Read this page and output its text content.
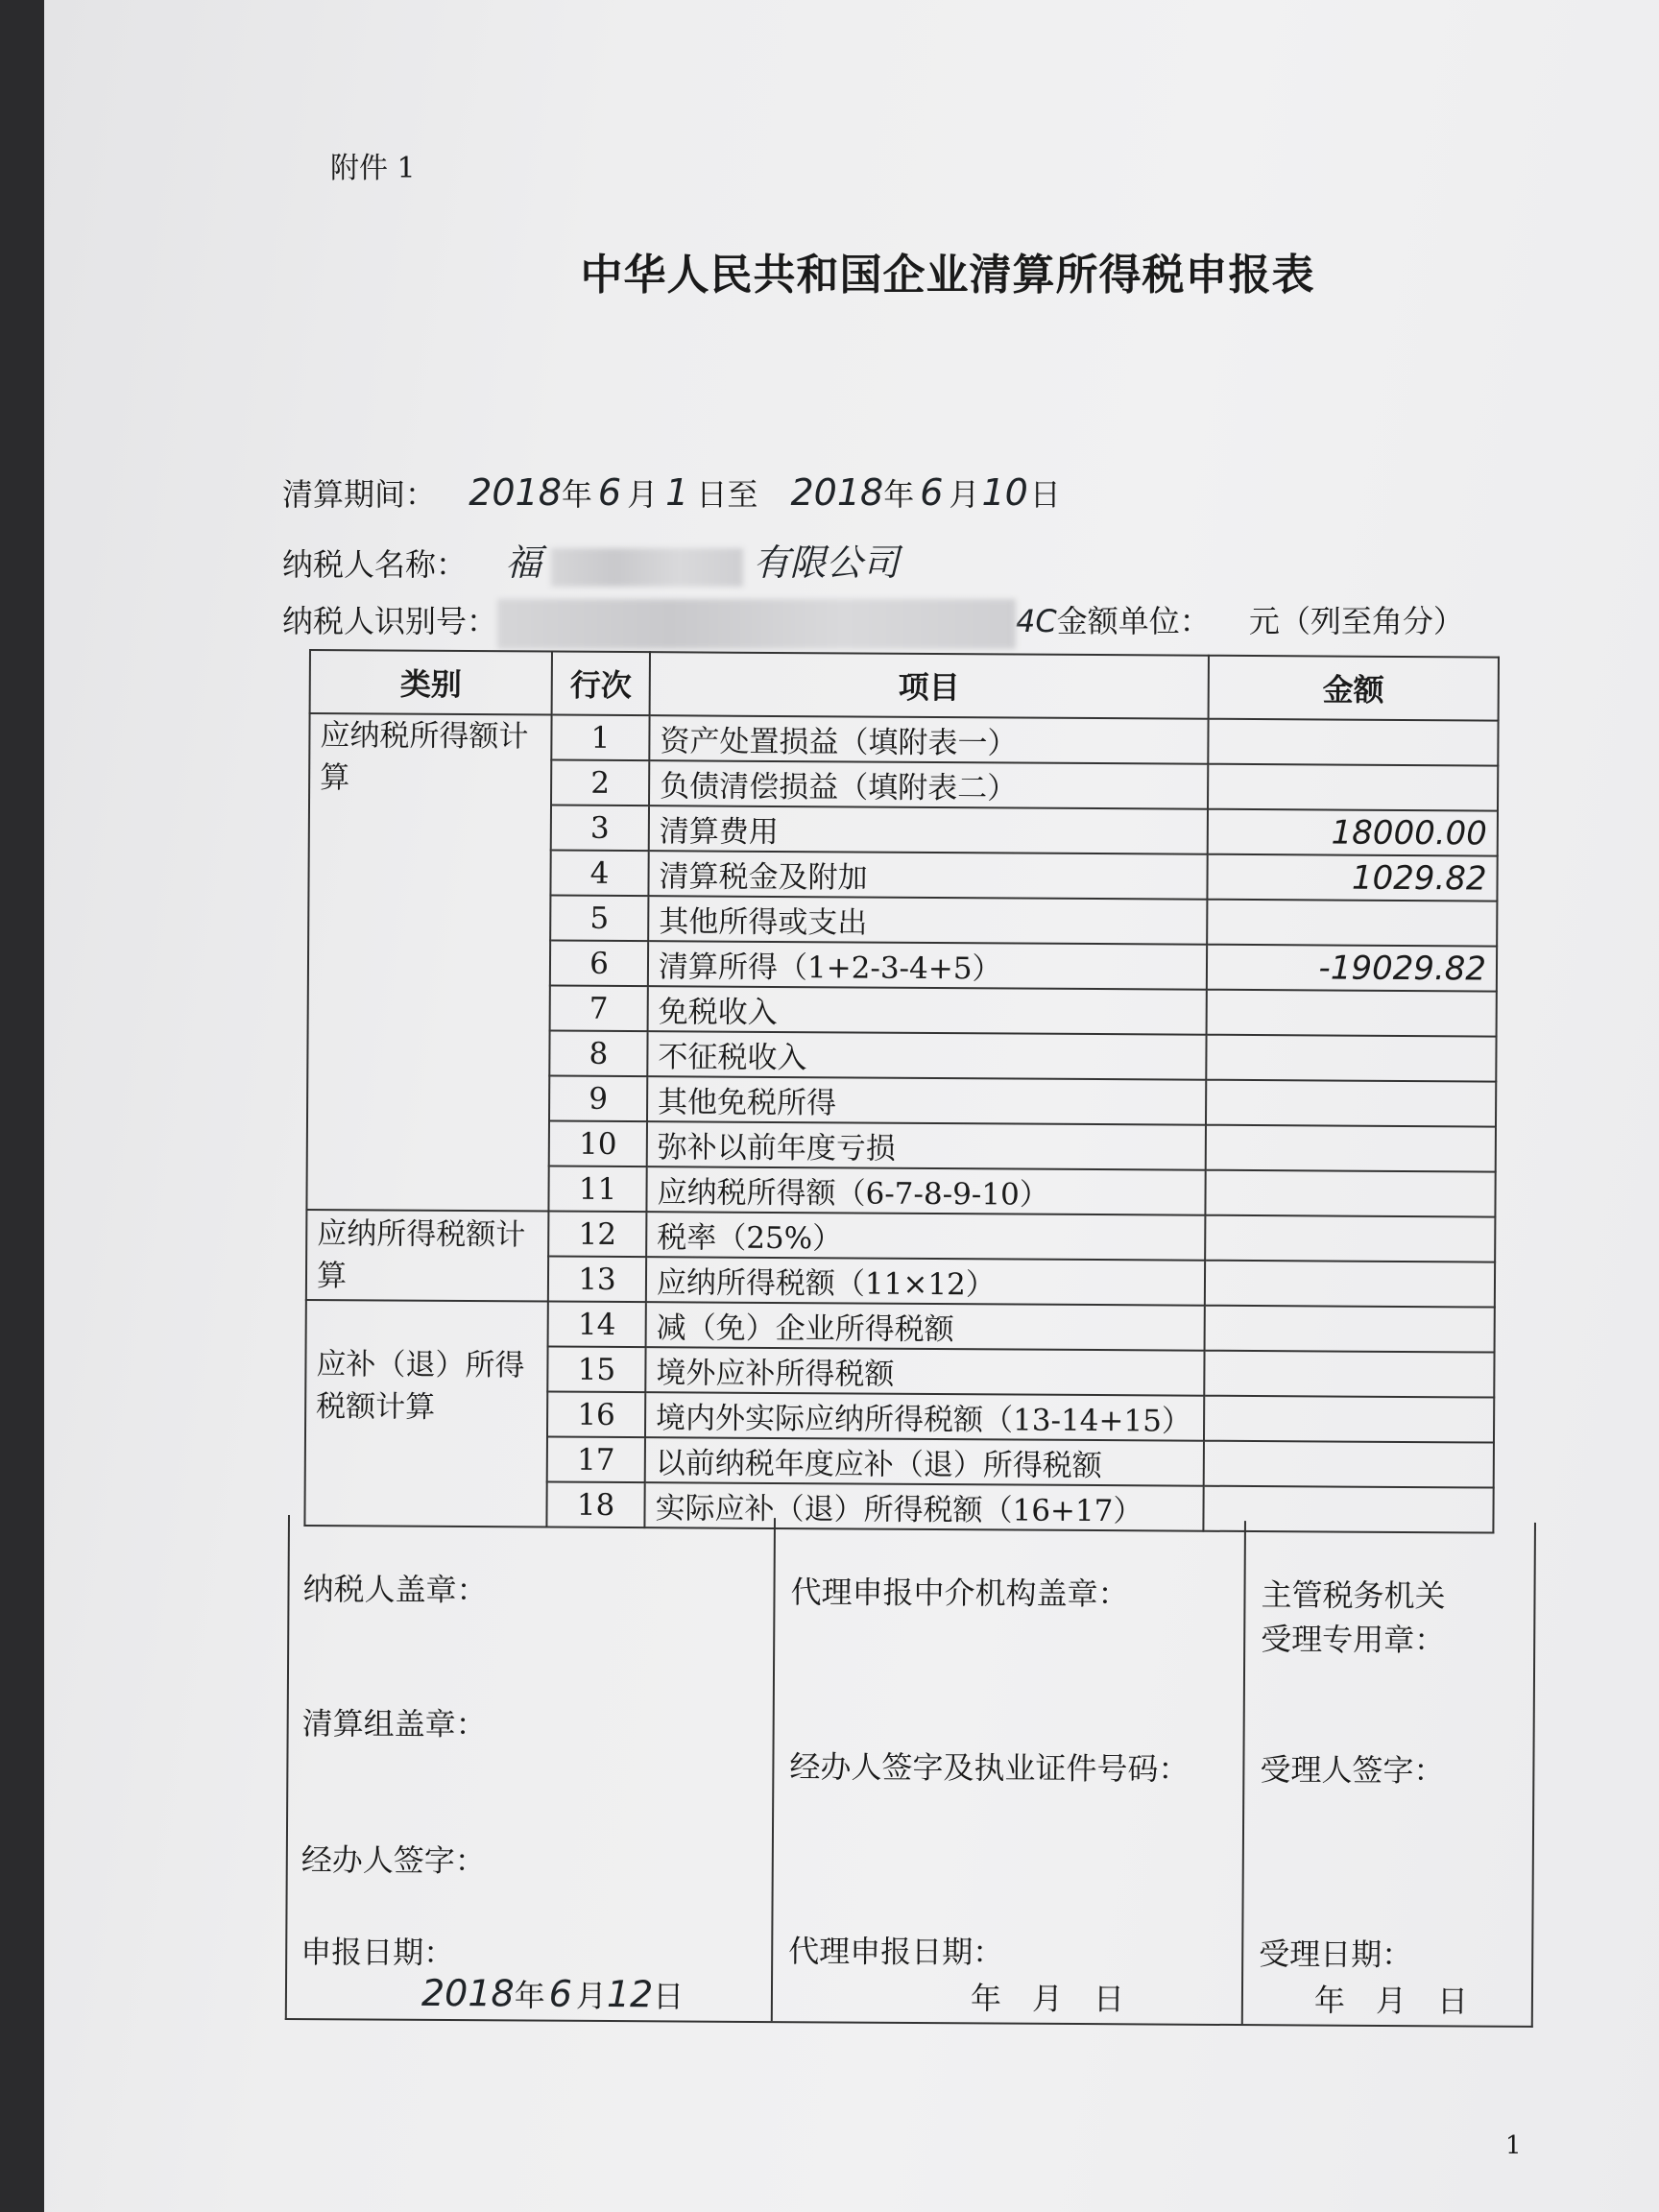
附件 1
中华人民共和国企业清算所得税申报表
清算期间： 2018年 6 月 1 日至 2018年 6 月10日
纳税人名称： 福	有限公司
纳税人识别号：	4C金额单位： 元（列至角分）
类别	行次	项目	金额
应纳税所得额计算	1	资产处置损益（填附表一）	
	2	负债清偿损益（填附表二）	
	3	清算费用	18000.00
	4	清算税金及附加	1029.82
	5	其他所得或支出	
	6	清算所得（1+2-3-4+5）	-19029.82
	7	免税收入	
	8	不征税收入	
	9	其他免税所得	
	10	弥补以前年度亏损	
	11	应纳税所得额（6-7-8-9-10）	
应纳所得税额计算	12	税率（25%）	
	13	应纳所得税额（11×12）	
应补（退）所得税额计算	14	减（免）企业所得税额	
	15	境外应补所得税额	
	16	境内外实际应纳所得税额（13-14+15）	
	17	以前纳税年度应补（退）所得税额	
	18	实际应补（退）所得税额（16+17）	
纳税人盖章：
清算组盖章：
经办人签字：
申报日期：
2018年6 月12日
代理申报中介机构盖章：
经办人签字及执业证件号码：
代理申报日期：
年　月　日
主管税务机关
受理专用章：
受理人签字：
受理日期：
年　月　日
1
